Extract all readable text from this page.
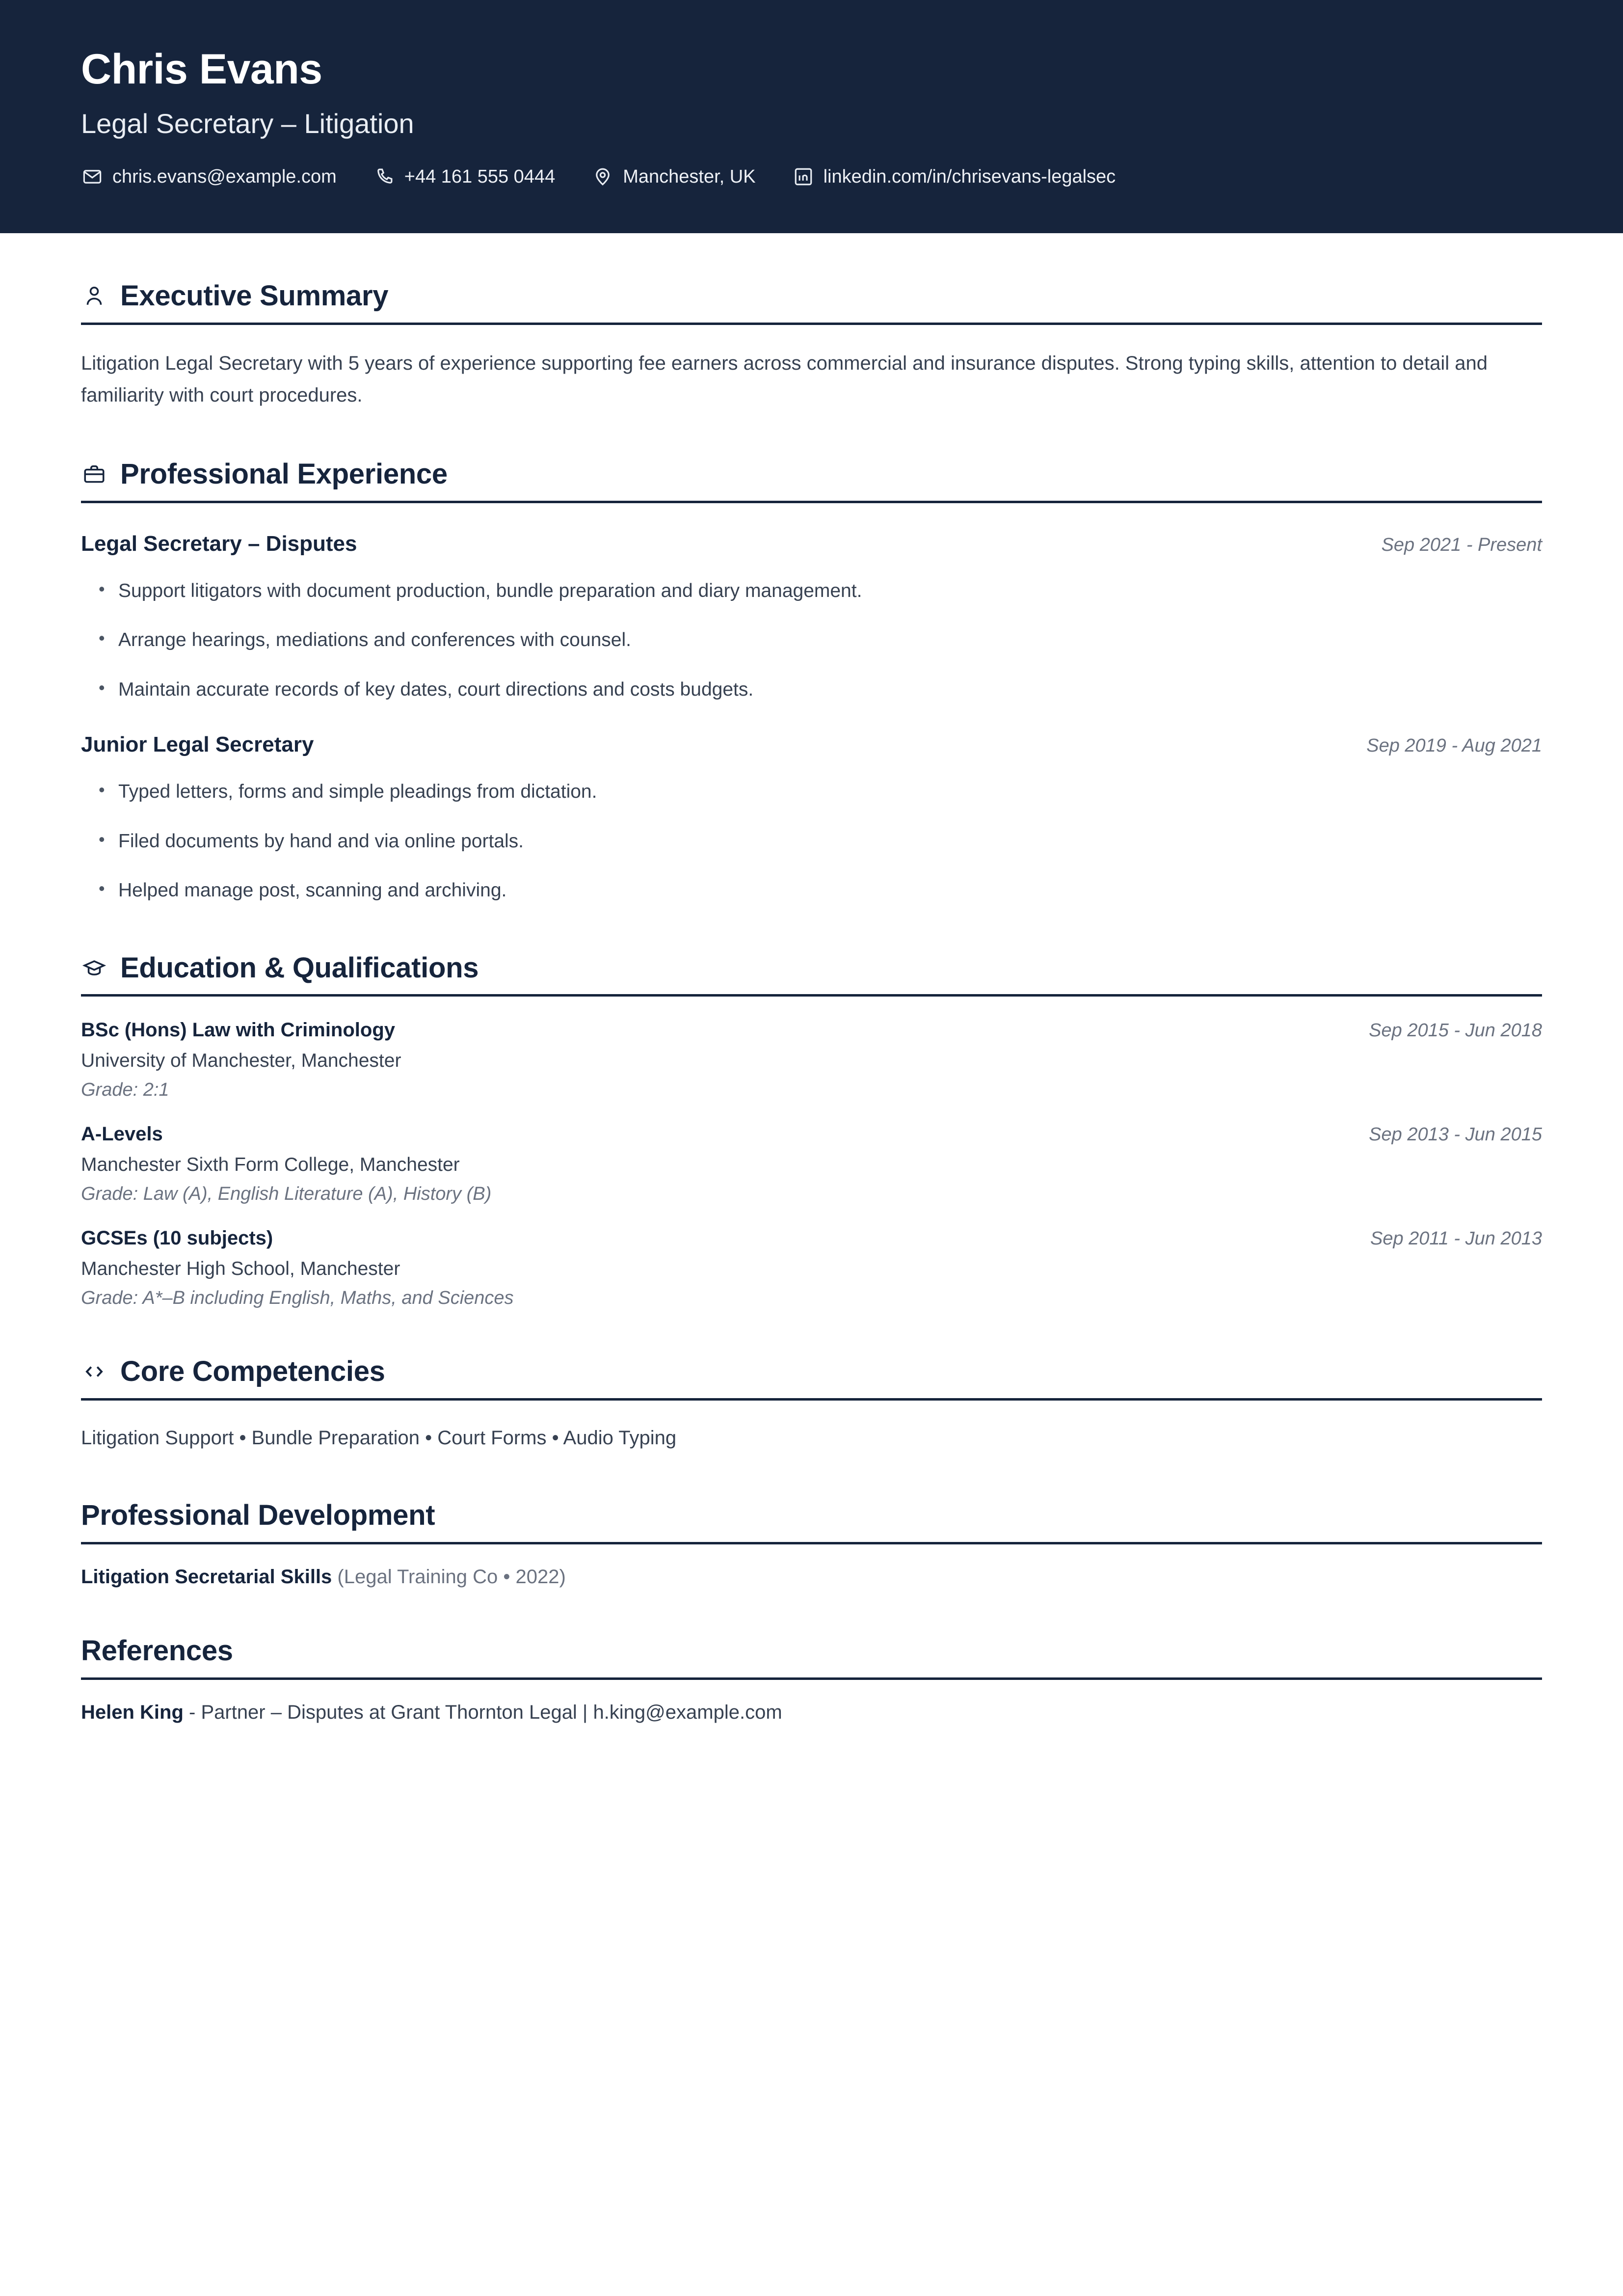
Chris Evans
Legal Secretary – Litigation
chris.evans@example.com	+44 161 555 0444	Manchester, UK	linkedin.com/in/chrisevans-legalsec
Executive Summary

Litigation Legal Secretary with 5 years of experience supporting fee earners across commercial and insurance disputes. Strong typing skills, attention to detail and familiarity with court procedures.

Professional Experience
Legal Secretary – Disputes	Sep 2021 - Present
• Support litigators with document production, bundle preparation and diary management.
• Arrange hearings, mediations and conferences with counsel.
• Maintain accurate records of key dates, court directions and costs budgets.
Junior Legal Secretary	Sep 2019 - Aug 2021
• Typed letters, forms and simple pleadings from dictation.
• Filed documents by hand and via online portals.
• Helped manage post, scanning and archiving.
Education & Qualifications
BSc (Hons) Law with Criminology	Sep 2015 - Jun 2018
University of Manchester, Manchester
Grade: 2:1
A-Levels	Sep 2013 - Jun 2015
Manchester Sixth Form College, Manchester
Grade: Law (A), English Literature (A), History (B)
GCSEs (10 subjects)	Sep 2011 - Jun 2013
Manchester High School, Manchester
Grade: A*–B including English, Maths, and Sciences
Core Competencies

Litigation Support • Bundle Preparation • Court Forms • Audio Typing

Professional Development
Litigation Secretarial Skills (Legal Training Co • 2022)
References
Helen King - Partner – Disputes at Grant Thornton Legal | h.king@example.com
